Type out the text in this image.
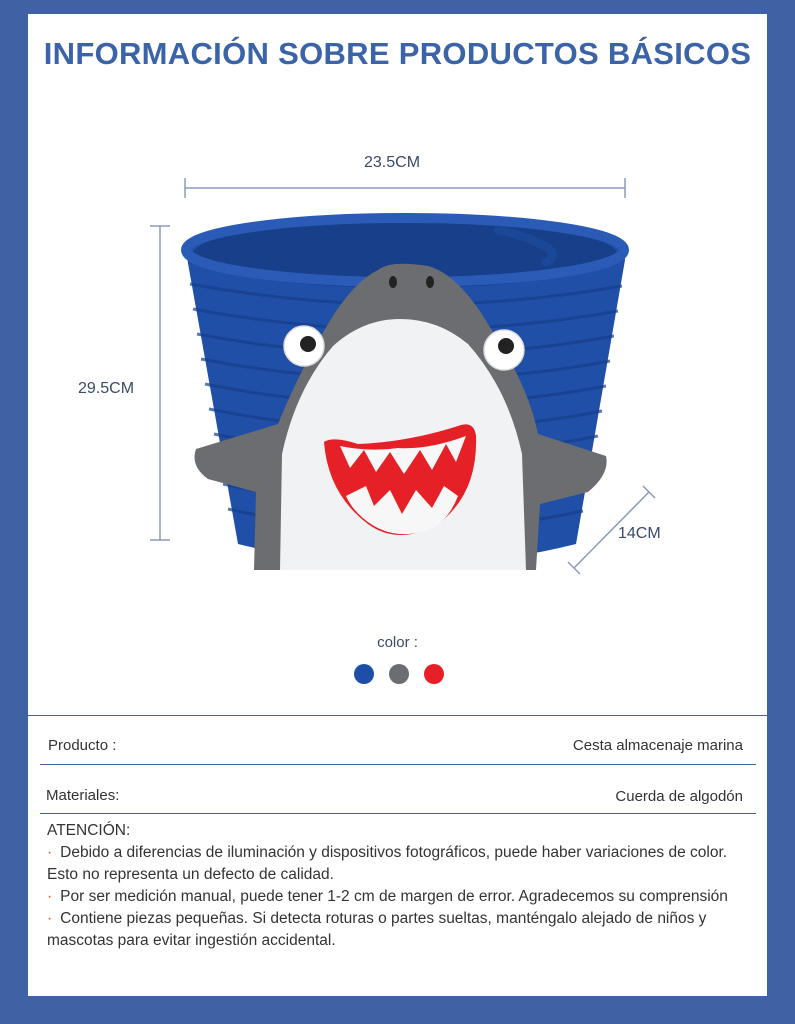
INFORMACIÓN SOBRE PRODUCTOS BÁSICOS
23.5CM
29.5CM
14CM
color :
Producto :	Cesta almacenaje marina
Materiales:	Cuerda de algodón

ATENCIÓN:

· Debido a diferencias de iluminación y dispositivos fotográficos, puede haber variaciones de color. Esto no representa un defecto de calidad.

· Por ser medición manual, puede tener 1-2 cm de margen de error. Agradecemos su comprensión

· Contiene piezas pequeñas. Si detecta roturas o partes sueltas, manténgalo alejado de niños y mascotas para evitar ingestión accidental.
